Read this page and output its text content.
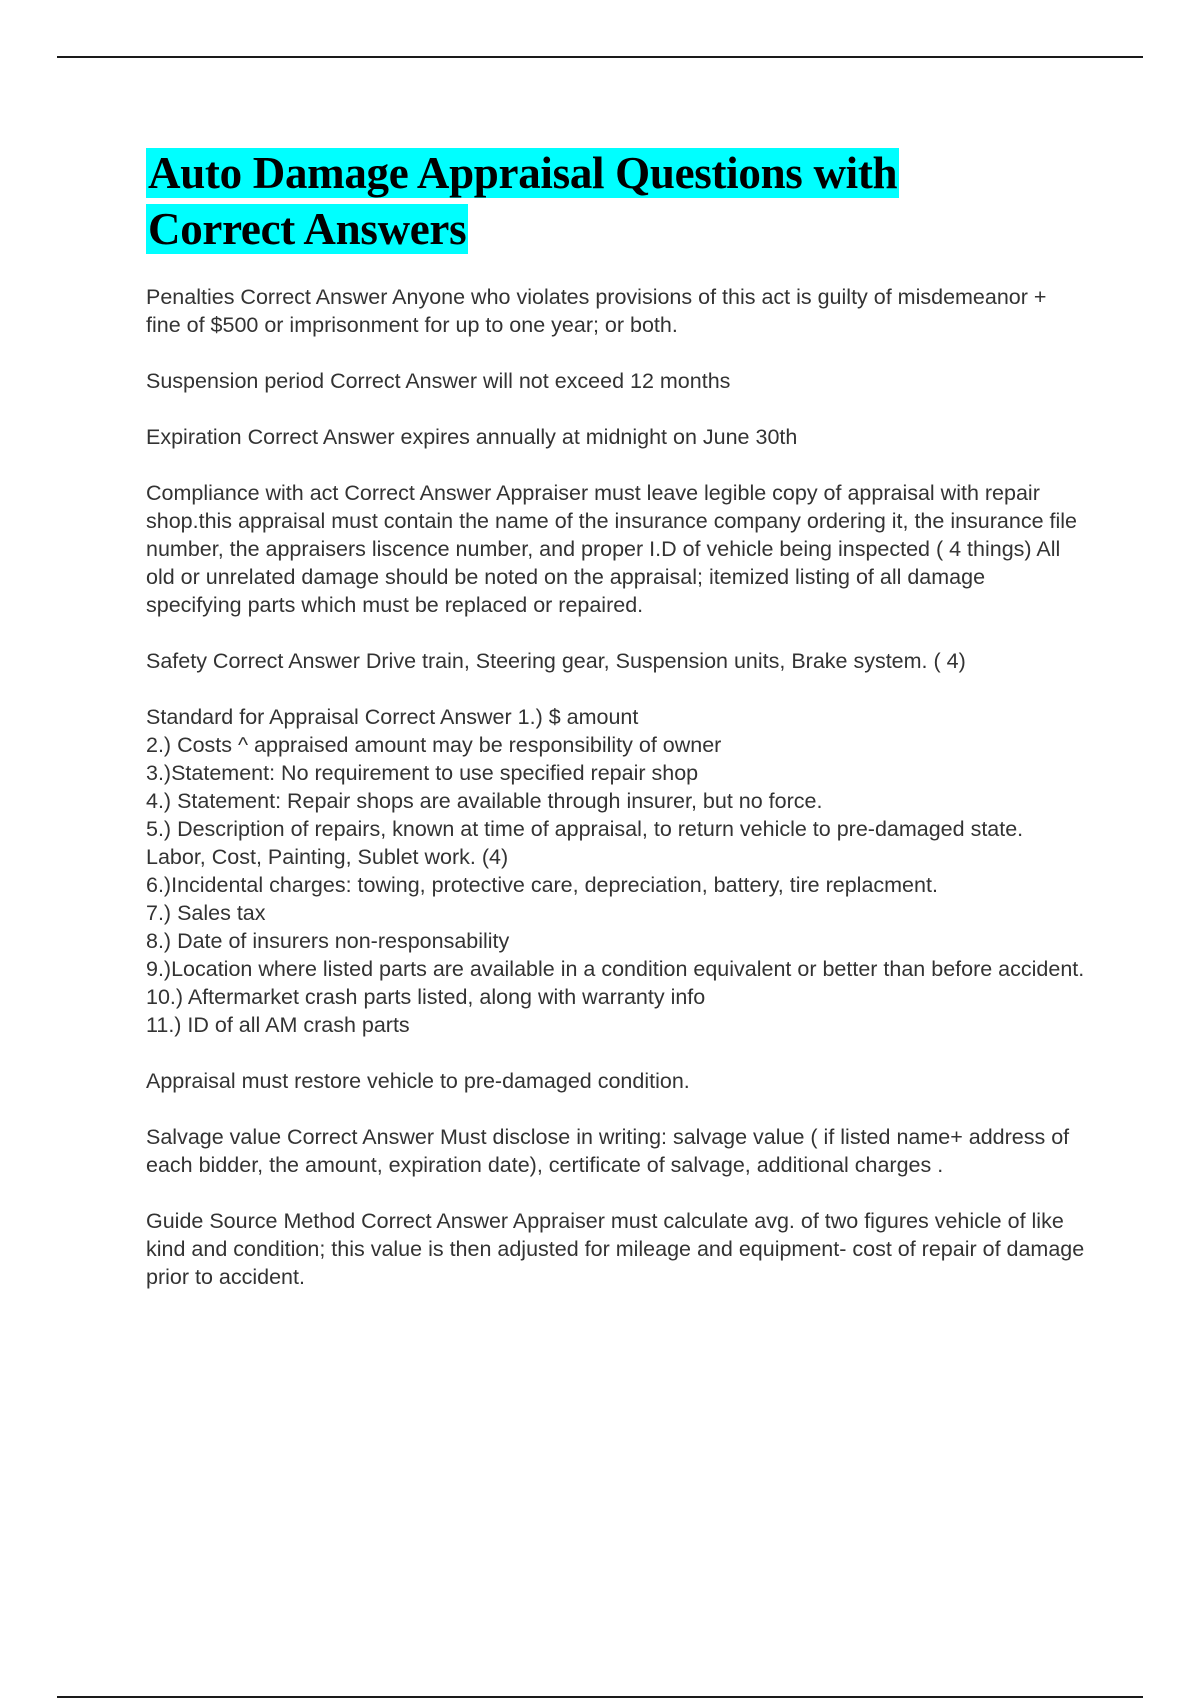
Auto Damage Appraisal Questions with
Correct Answers

Penalties Correct Answer Anyone who violates provisions of this act is guilty of misdemeanor + fine of $500 or imprisonment for up to one year; or both.

Suspension period Correct Answer will not exceed 12 months

Expiration Correct Answer expires annually at midnight on June 30th

Compliance with act Correct Answer Appraiser must leave legible copy of appraisal with repair shop.this appraisal must contain the name of the insurance company ordering it, the insurance file number, the appraisers liscence number, and proper I.D of vehicle being inspected ( 4 things) All old or unrelated damage should be noted on the appraisal; itemized listing of all damage specifying parts which must be replaced or repaired.

Safety Correct Answer Drive train, Steering gear, Suspension units, Brake system. ( 4)

Standard for Appraisal Correct Answer 1.) $ amount
2.) Costs ^ appraised amount may be responsibility of owner
3.)Statement: No requirement to use specified repair shop
4.) Statement: Repair shops are available through insurer, but no force.
5.) Description of repairs, known at time of appraisal, to return vehicle to pre-damaged state. Labor, Cost, Painting, Sublet work. (4)
6.)Incidental charges: towing, protective care, depreciation, battery, tire replacment.
7.) Sales tax
8.) Date of insurers non-responsability
9.)Location where listed parts are available in a condition equivalent or better than before accident.
10.) Aftermarket crash parts listed, along with warranty info
11.) ID of all AM crash parts

Appraisal must restore vehicle to pre-damaged condition.

Salvage value Correct Answer Must disclose in writing: salvage value ( if listed name+ address of each bidder, the amount, expiration date), certificate of salvage, additional charges .

Guide Source Method Correct Answer Appraiser must calculate avg. of two figures vehicle of like kind and condition; this value is then adjusted for mileage and equipment- cost of repair of damage prior to accident.
